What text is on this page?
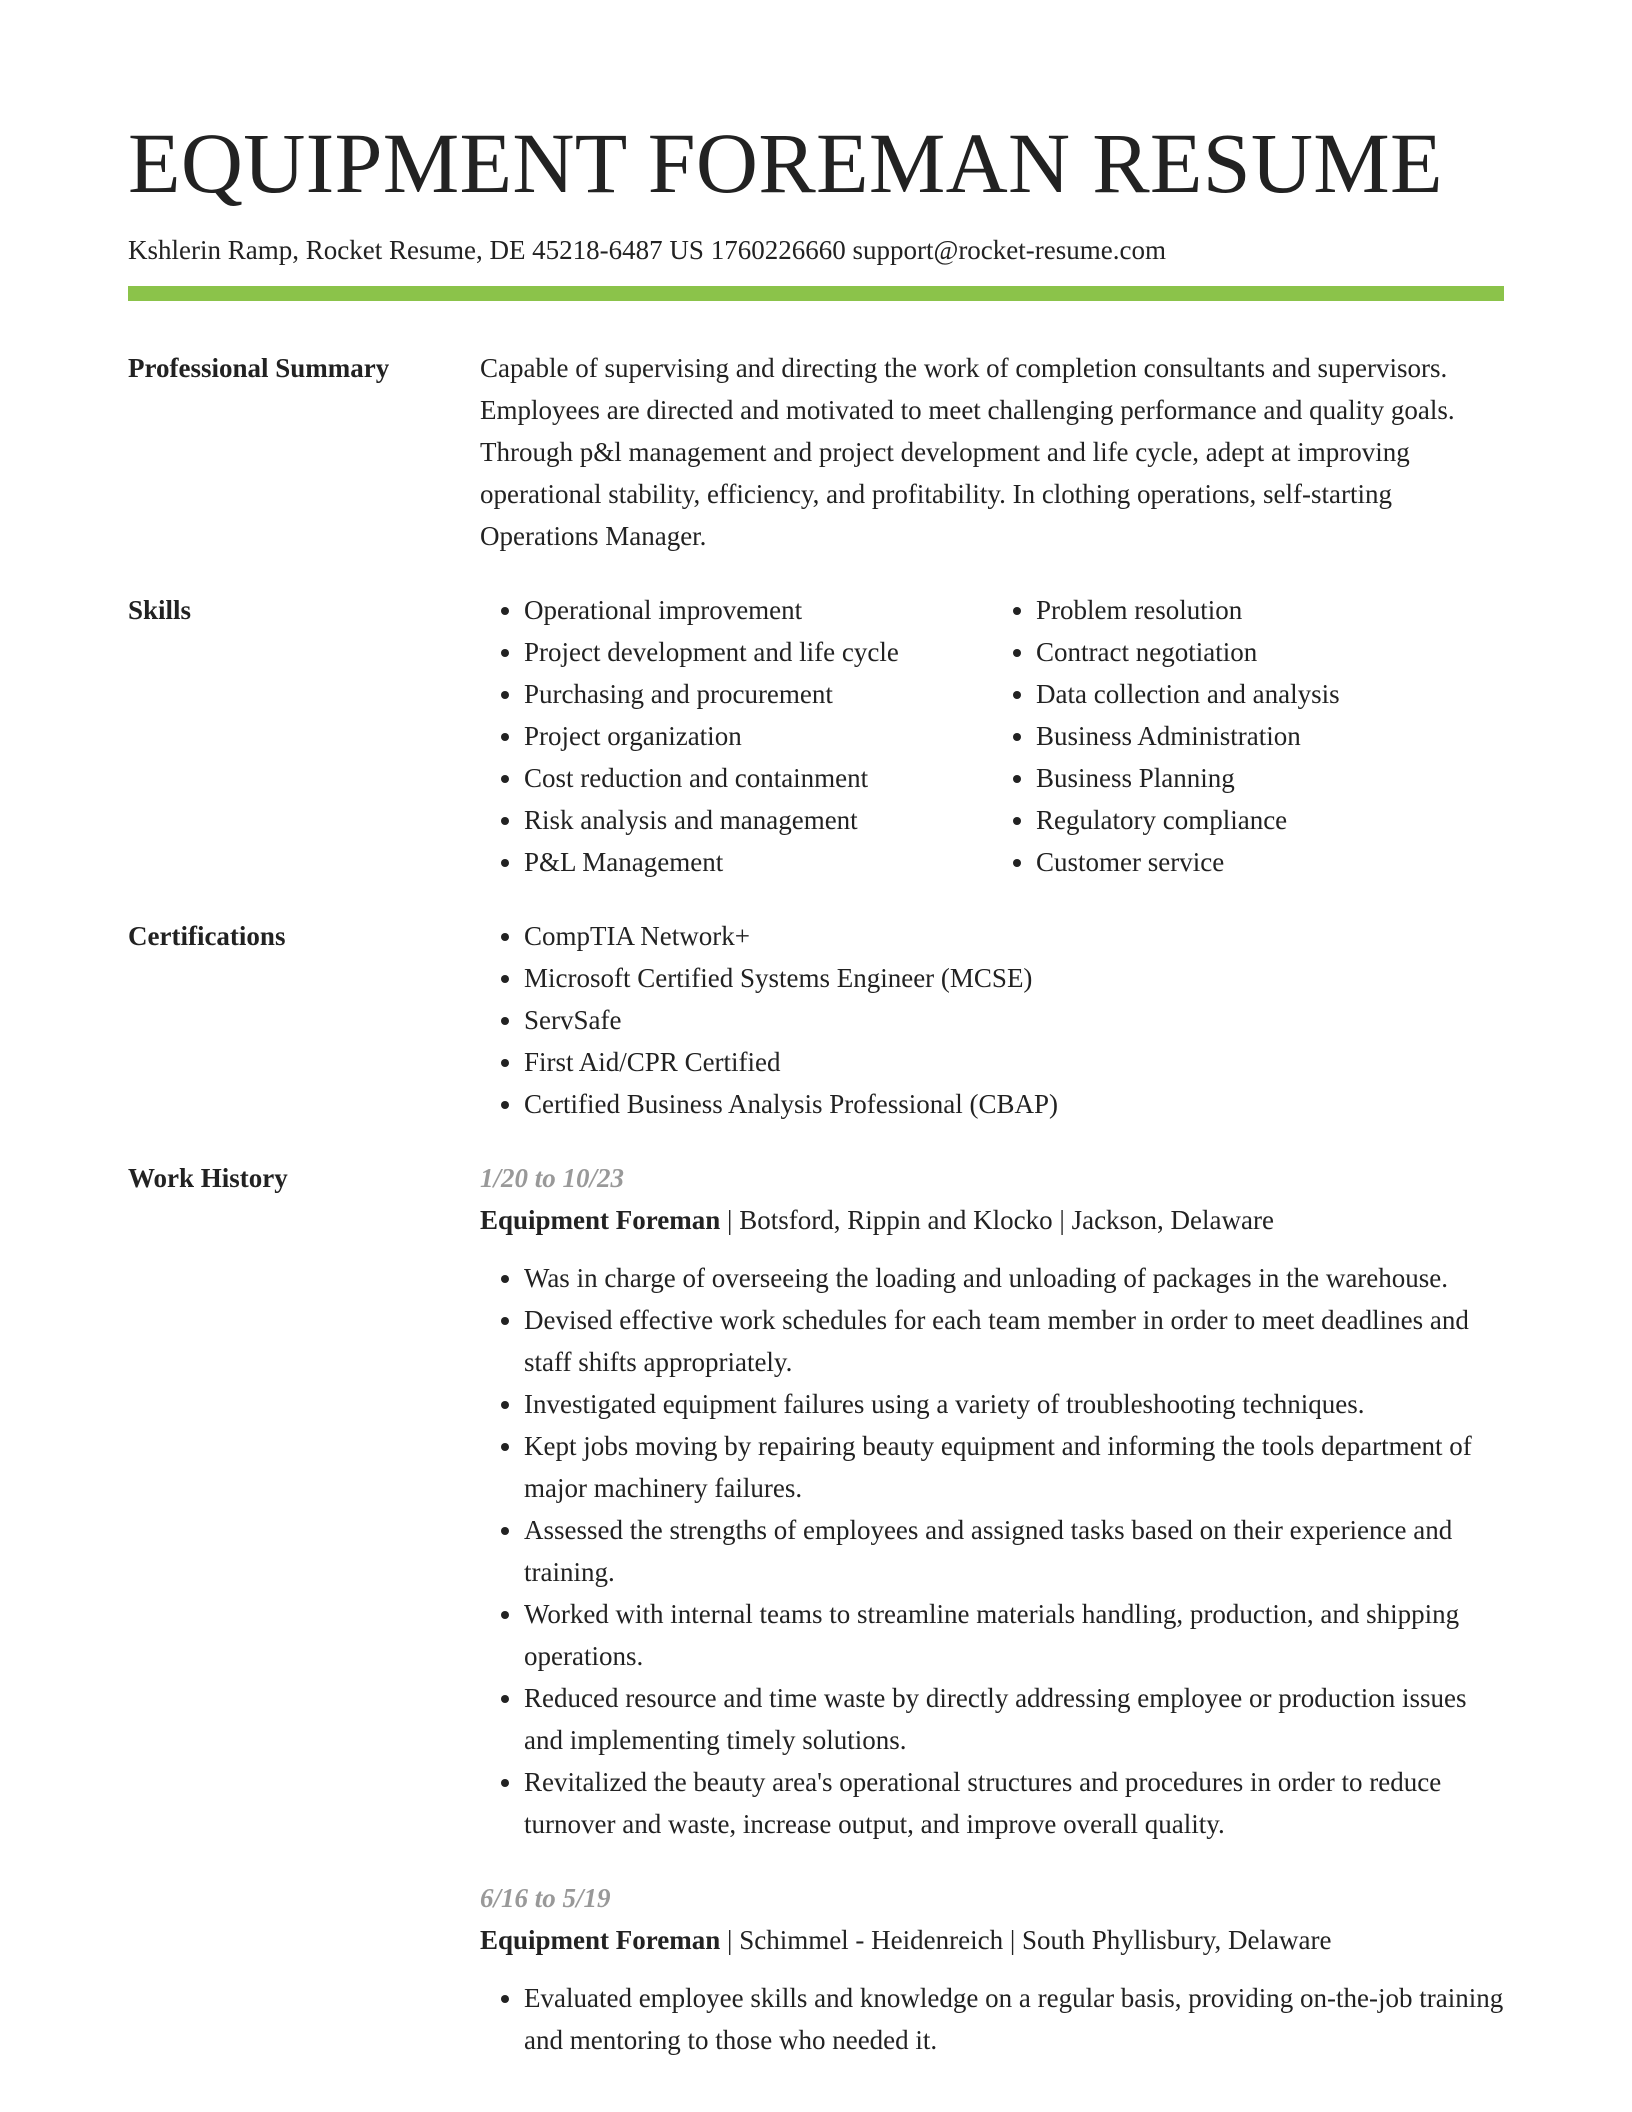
EQUIPMENT FOREMAN RESUME
Kshlerin Ramp, Rocket Resume, DE 45218-6487 US 1760226660 support@rocket-resume.com
Professional Summary	Capable of supervising and directing the work of completion consultants and supervisors. Employees are directed and motivated to meet challenging performance and quality goals. Through p&l management and project development and life cycle, adept at improving operational stability, efficiency, and profitability. In clothing operations, self-starting Operations Manager.

Skills	• Operational improvement
• Project development and life cycle
• Purchasing and procurement
• Project organization
• Cost reduction and containment
• Risk analysis and management
• P&L Management
• Problem resolution
• Contract negotiation
• Data collection and analysis
• Business Administration
• Business Planning
• Regulatory compliance
• Customer service
Certifications	• CompTIA Network+
• Microsoft Certified Systems Engineer (MCSE)
• ServSafe
• First Aid/CPR Certified
• Certified Business Analysis Professional (CBAP)
Work History	1/20 to 10/23

Equipment Foreman | Botsford, Rippin and Klocko | Jackson, Delaware

• Was in charge of overseeing the loading and unloading of packages in the warehouse.
• Devised effective work schedules for each team member in order to meet deadlines and staff shifts appropriately.
• Investigated equipment failures using a variety of troubleshooting techniques.
• Kept jobs moving by repairing beauty equipment and informing the tools department of major machinery failures.
• Assessed the strengths of employees and assigned tasks based on their experience and training.
• Worked with internal teams to streamline materials handling, production, and shipping operations.
• Reduced resource and time waste by directly addressing employee or production issues and implementing timely solutions.
• Revitalized the beauty area's operational structures and procedures in order to reduce turnover and waste, increase output, and improve overall quality.

6/16 to 5/19

Equipment Foreman | Schimmel - Heidenreich | South Phyllisbury, Delaware

• Evaluated employee skills and knowledge on a regular basis, providing on-the-job training and mentoring to those who needed it.
